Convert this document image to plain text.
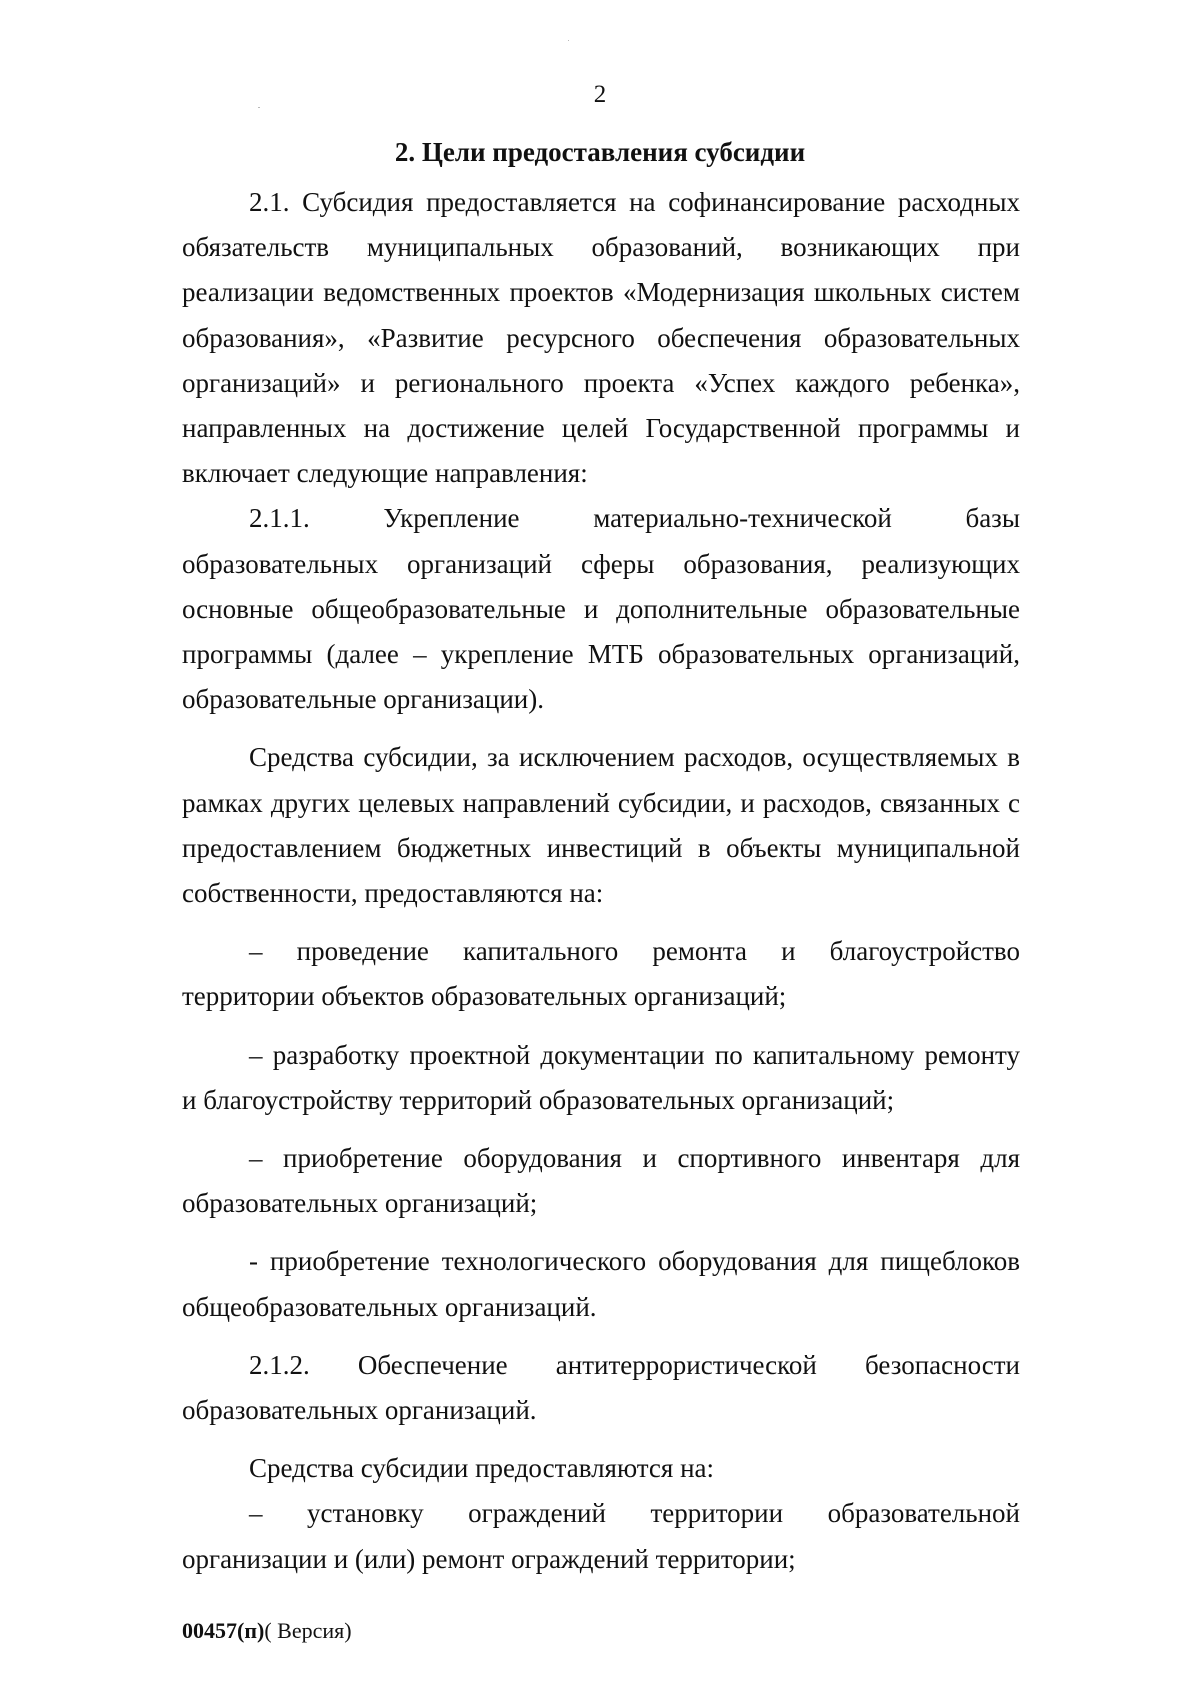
2
2. Цели предоставления субсидии

2.1. Субсидия предоставляется на софинансирование расходных обязательств муниципальных образований, возникающих при реализации ведомственных проектов «Модернизация школьных систем образования», «Развитие ресурсного обеспечения образовательных организаций» и регионального проекта «Успех каждого ребенка», направленных на достижение целей Государственной программы и включает следующие направления:

2.1.1. Укрепление материально-технической базы образовательных организаций сферы образования, реализующих основные общеобразовательные и дополнительные образовательные программы (далее – укрепление МТБ образовательных организаций, образовательные организации).

Средства субсидии, за исключением расходов, осуществляемых в рамках других целевых направлений субсидии, и расходов, связанных с предоставлением бюджетных инвестиций в объекты муниципальной собственности, предоставляются на:

– проведение капитального ремонта и благоустройство территории объектов образовательных организаций;

– разработку проектной документации по капитальному ремонту и благоустройству территорий образовательных организаций;

– приобретение оборудования и спортивного инвентаря для образовательных организаций;

- приобретение технологического оборудования для пищеблоков общеобразовательных организаций.

2.1.2. Обеспечение антитеррористической безопасности образовательных организаций.

Средства субсидии предоставляются на:

– установку ограждений территории образовательной организации и (или) ремонт ограждений территории;

00457(п)( Версия)
